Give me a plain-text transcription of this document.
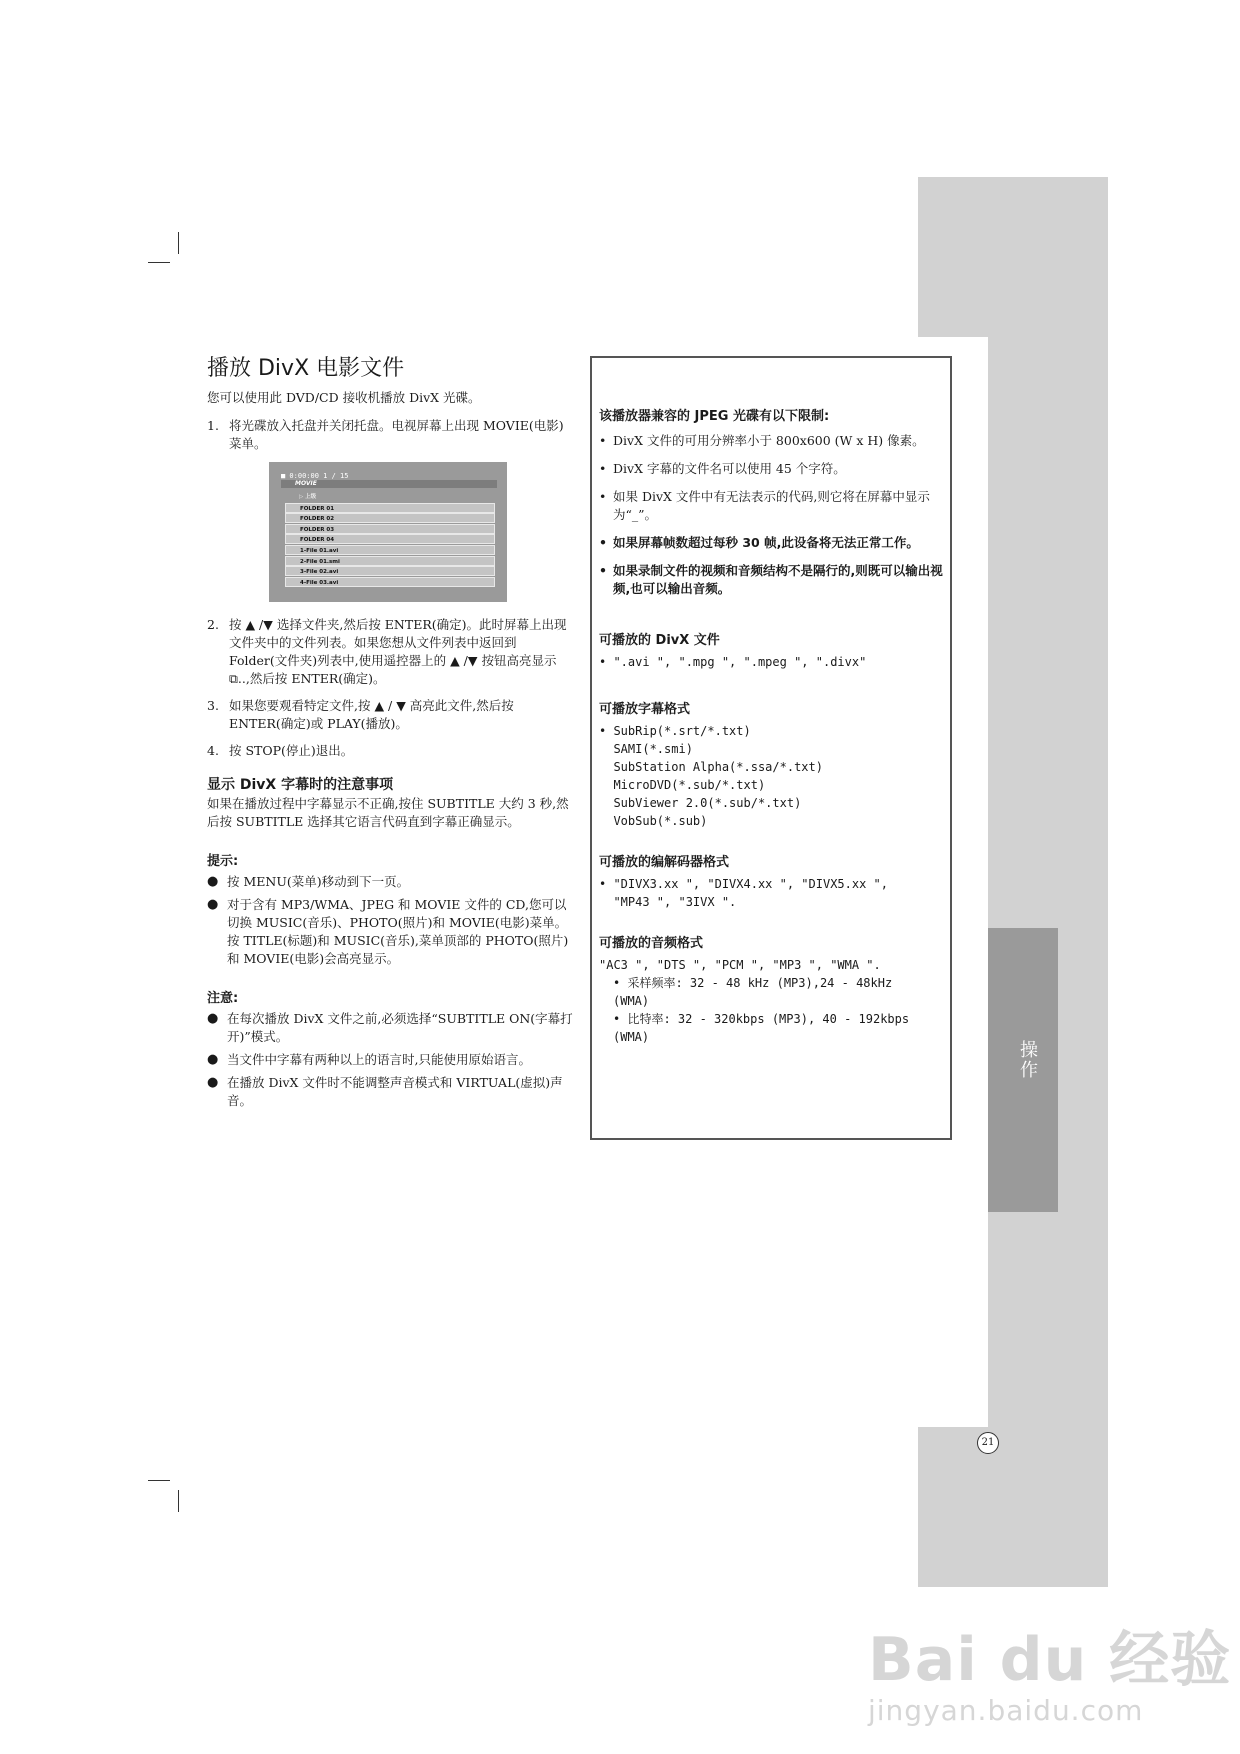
操作
21
播放 DivX 电影文件
您可以使用此 DVD/CD 接收机播放 DivX 光碟。
1. 将光碟放入托盘并关闭托盘。电视屏幕上出现 MOVIE(电影)菜单。
■ 0:00:00 1 / 15
MOVIE
▷ 上级
FOLDER 01
FOLDER 02
FOLDER 03
FOLDER 04
1-File 01.avi
2-File 01.smi
3-File 02.avi
4-File 03.avi
2. 按 ▲ /▼ 选择文件夹,然后按 ENTER(确定)。此时屏幕上出现文件夹中的文件列表。如果您想从文件列表中返回到 Folder(文件夹)列表中,使用遥控器上的 ▲ /▼ 按钮高亮显示 ⧉..,然后按 ENTER(确定)。
3. 如果您要观看特定文件,按 ▲ / ▼ 高亮此文件,然后按 ENTER(确定)或 PLAY(播放)。
4. 按 STOP(停止)退出。
显示 DivX 字幕时的注意事项
如果在播放过程中字幕显示不正确,按住 SUBTITLE 大约 3 秒,然后按 SUBTITLE 选择其它语言代码直到字幕正确显示。
提示:
● 按 MENU(菜单)移动到下一页。
● 对于含有 MP3/WMA、JPEG 和 MOVIE 文件的 CD,您可以切换 MUSIC(音乐)、PHOTO(照片)和 MOVIE(电影)菜单。按 TITLE(标题)和 MUSIC(音乐),菜单顶部的 PHOTO(照片)和 MOVIE(电影)会高亮显示。
注意:
● 在每次播放 DivX 文件之前,必须选择“SUBTITLE ON(字幕打开)”模式。
● 当文件中字幕有两种以上的语言时,只能使用原始语言。
● 在播放 DivX 文件时不能调整声音模式和 VIRTUAL(虚拟)声音。
该播放器兼容的 JPEG 光碟有以下限制:
• DivX 文件的可用分辨率小于 800x600 (W x H) 像素。
• DivX 字幕的文件名可以使用 45 个字符。
• 如果 DivX 文件中有无法表示的代码,则它将在屏幕中显示为“_”。
• 如果屏幕帧数超过每秒 30 帧,此设备将无法正常工作。
• 如果录制文件的视频和音频结构不是隔行的,则既可以输出视频,也可以输出音频。
可播放的 DivX 文件
• ".avi ", ".mpg ", ".mpeg ", ".divx"
可播放字幕格式
• SubRip(*.srt/*.txt)
SAMI(*.smi)
SubStation Alpha(*.ssa/*.txt)
MicroDVD(*.sub/*.txt)
SubViewer 2.0(*.sub/*.txt)
VobSub(*.sub)
可播放的编解码器格式
• "DIVX3.xx ", "DIVX4.xx ", "DIVX5.xx ",
"MP43 ", "3IVX ".
可播放的音频格式
"AC3 ", "DTS ", "PCM ", "MP3 ", "WMA ".
• 采样频率: 32 - 48 kHz (MP3),24 - 48kHz (WMA)
• 比特率: 32 - 320kbps (MP3), 40 - 192kbps (WMA)
Bai du 经验
jingyan.baidu.com
